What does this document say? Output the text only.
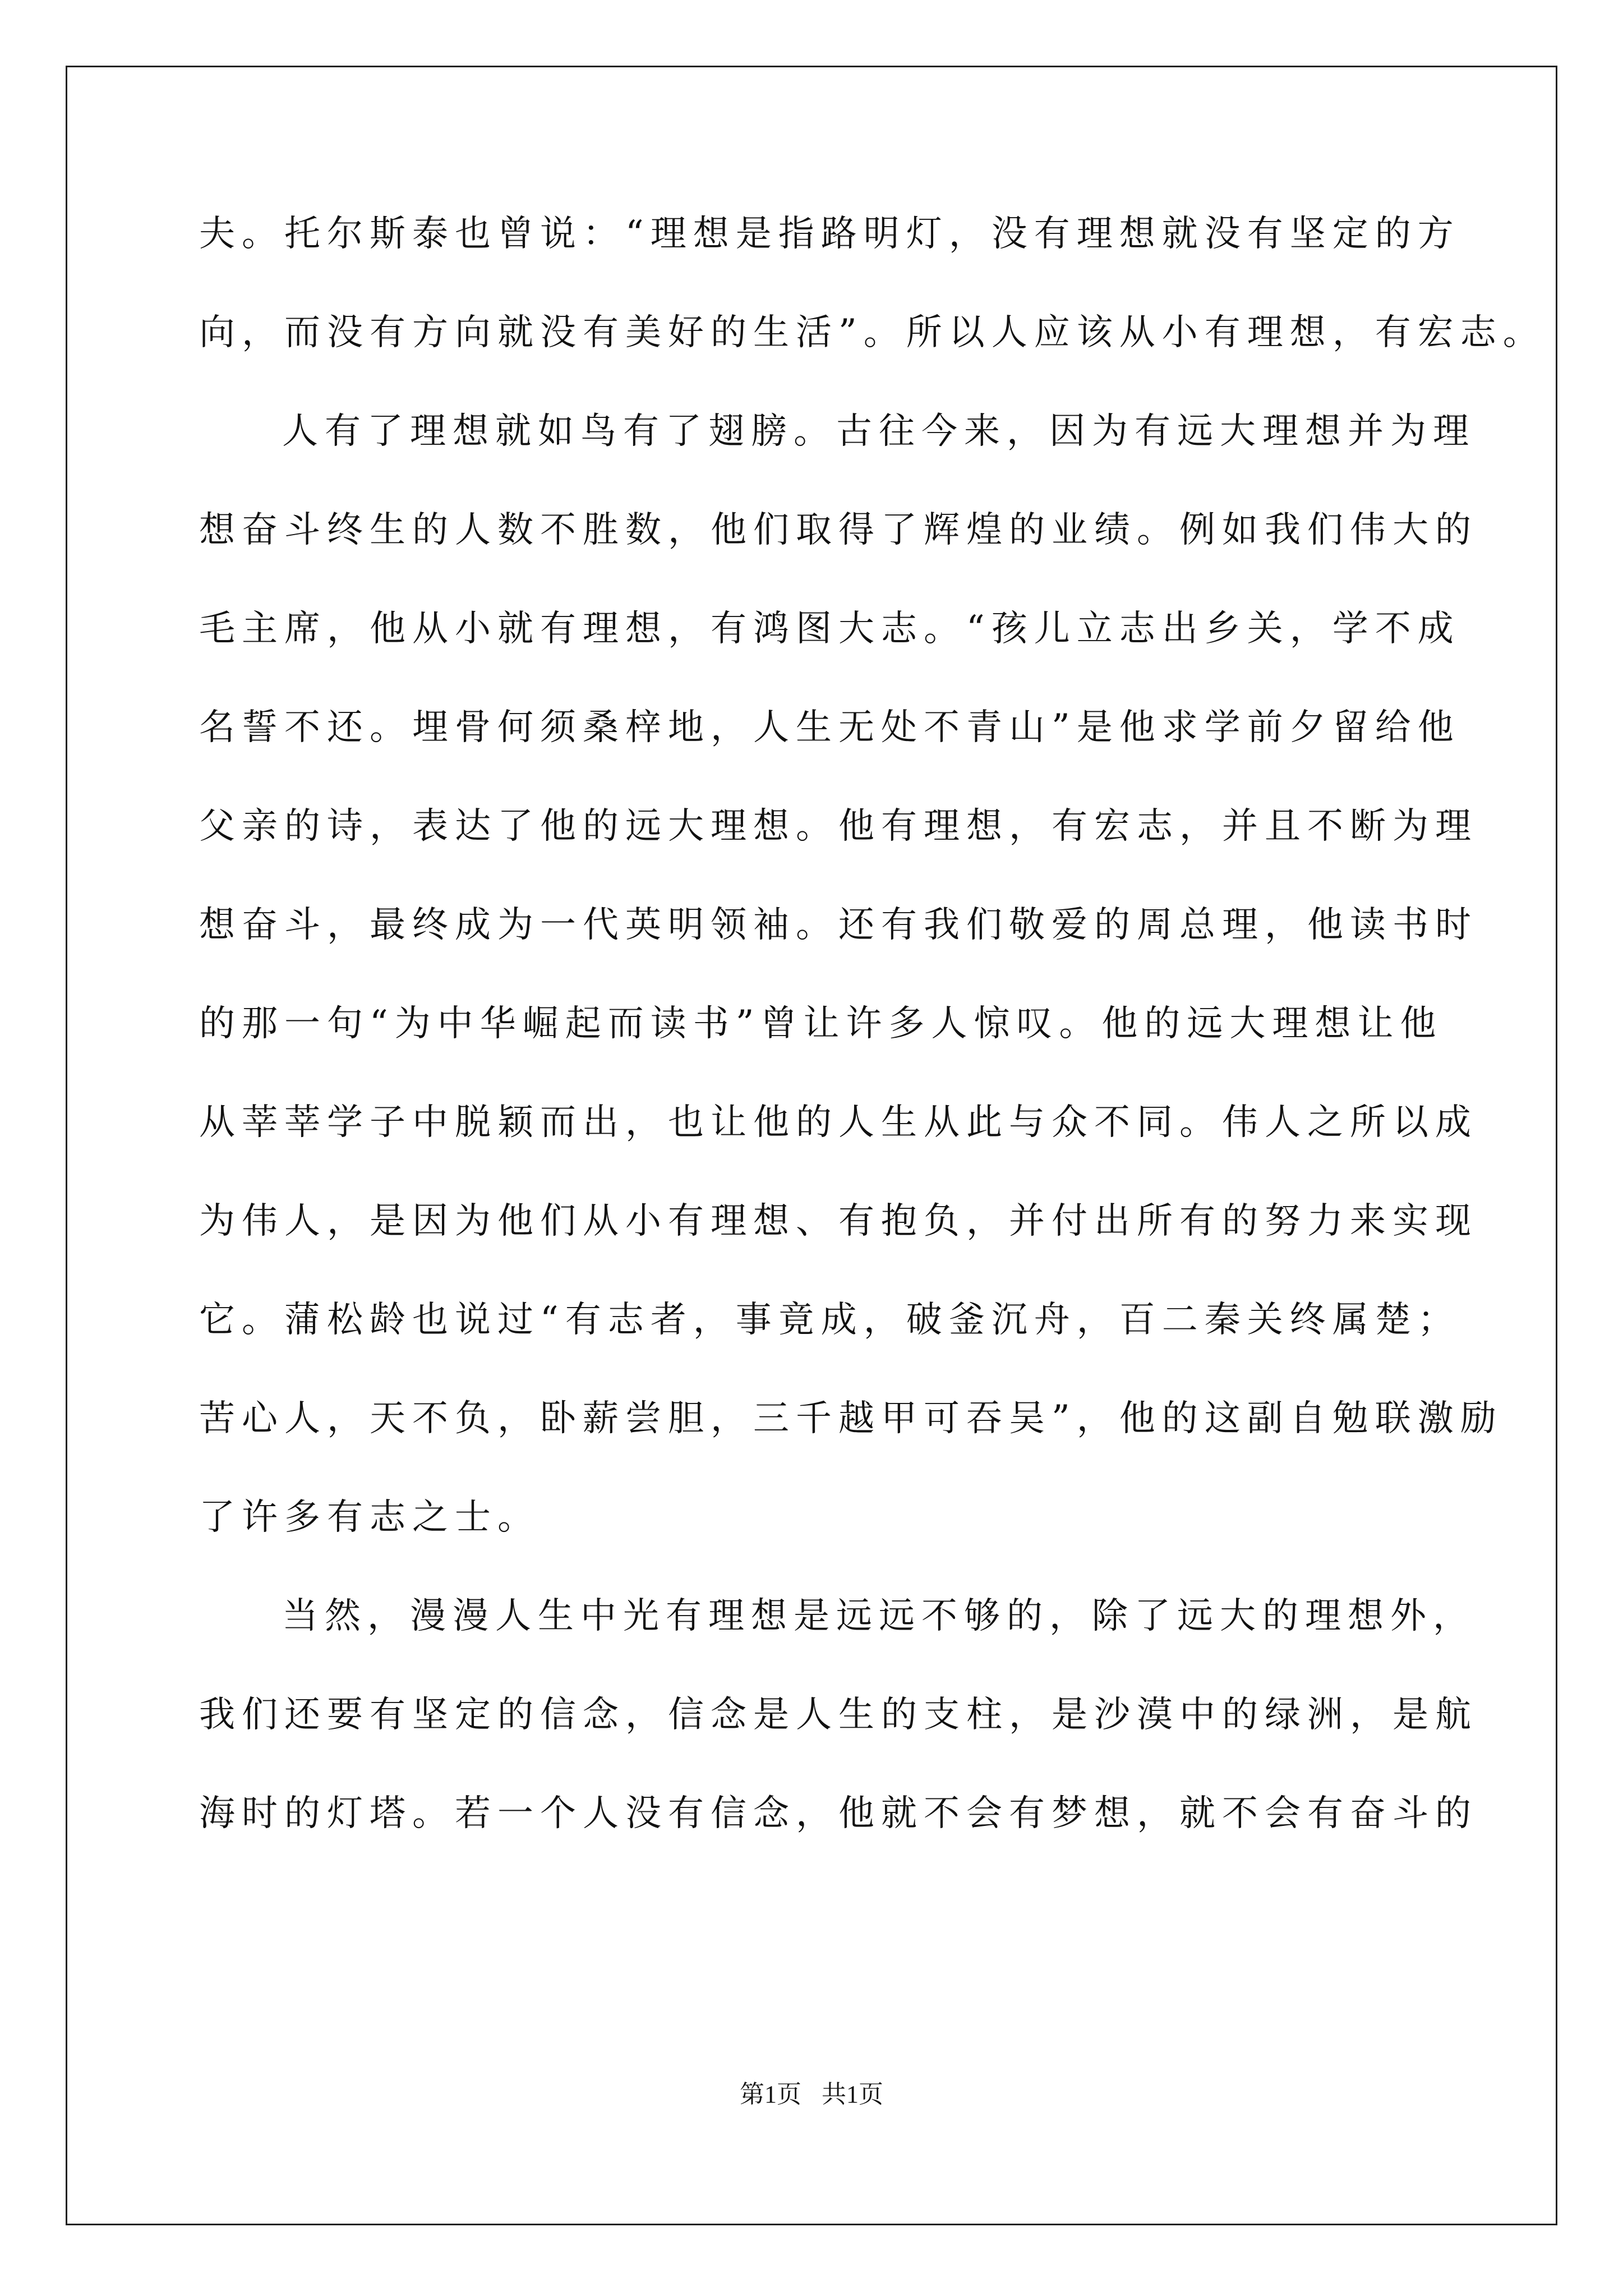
夫。托尔斯泰也曾说：“理想是指路明灯，没有理想就没有坚定的方
向，而没有方向就没有美好的生活”。所以人应该从小有理想，有宏志。
人有了理想就如鸟有了翅膀。古往今来，因为有远大理想并为理
想奋斗终生的人数不胜数，他们取得了辉煌的业绩。例如我们伟大的
毛主席，他从小就有理想，有鸿图大志。“孩儿立志出乡关，学不成
名誓不还。埋骨何须桑梓地，人生无处不青山”是他求学前夕留给他
父亲的诗，表达了他的远大理想。他有理想，有宏志，并且不断为理
想奋斗，最终成为一代英明领袖。还有我们敬爱的周总理，他读书时
的那一句“为中华崛起而读书”曾让许多人惊叹。他的远大理想让他
从莘莘学子中脱颖而出，也让他的人生从此与众不同。伟人之所以成
为伟人，是因为他们从小有理想、有抱负，并付出所有的努力来实现
它。蒲松龄也说过“有志者，事竟成，破釜沉舟，百二秦关终属楚；
苦心人，天不负，卧薪尝胆，三千越甲可吞吴”，他的这副自勉联激励
了许多有志之士。
当然，漫漫人生中光有理想是远远不够的，除了远大的理想外，
我们还要有坚定的信念，信念是人生的支柱，是沙漠中的绿洲，是航
海时的灯塔。若一个人没有信念，他就不会有梦想，就不会有奋斗的
第1页 共1页
